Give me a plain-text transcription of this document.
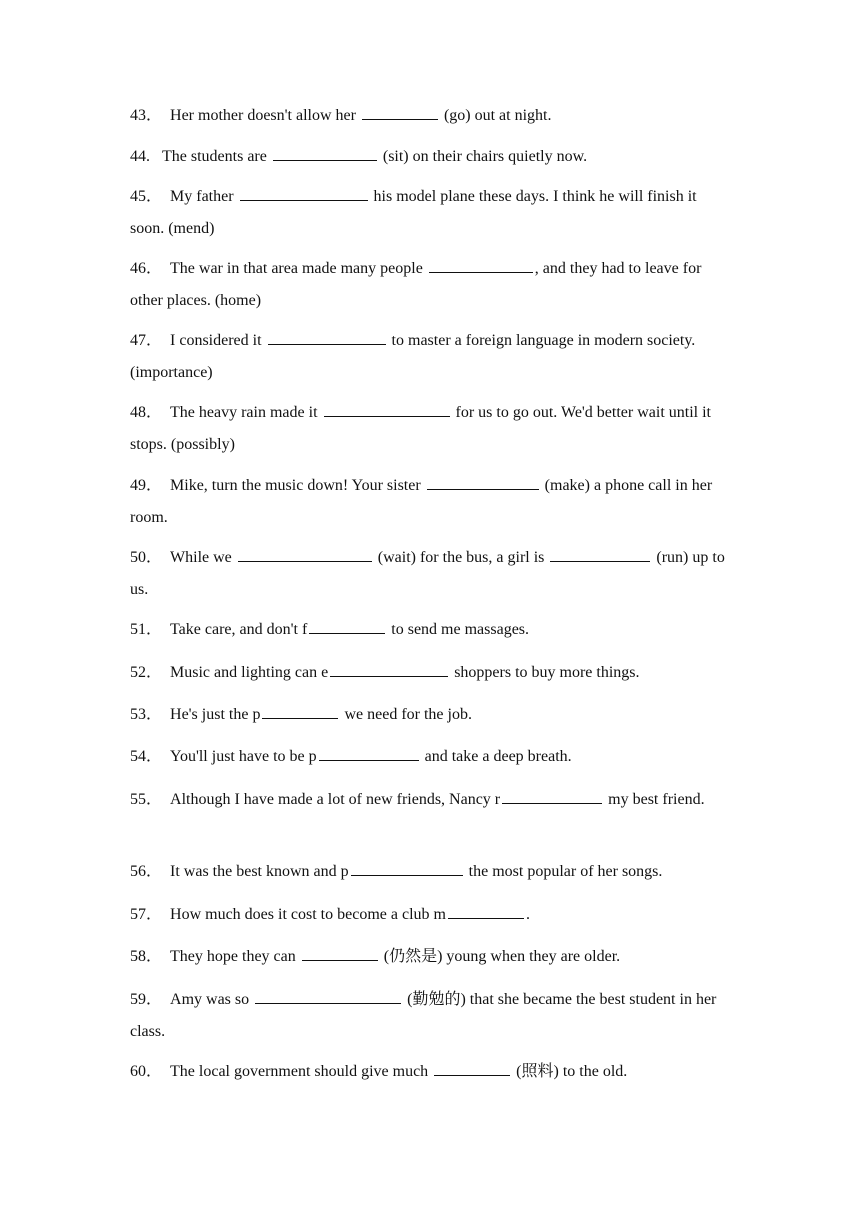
43． Her mother doesn't allow her	(go) out at night.
44. The students are	(sit) on their chairs quietly now.
45． My father	his model plane these days. I think he will finish it soon. (mend)
46． The war in that area made many people	, and they had to leave for other places. (home)
47． I considered it	to master a foreign language in modern society. (importance)
48． The heavy rain made it	for us to go out. We'd better wait until it stops. (possibly)
49． Mike, turn the music down! Your sister	(make) a phone call in her room.
50． While we	(wait) for the bus, a girl is	(run) up to us.
51． Take care, and don't f	to send me massages.
52． Music and lighting can e	shoppers to buy more things.
53． He's just the p	we need for the job.
54． You'll just have to be p	and take a deep breath.
55． Although I have made a lot of new friends, Nancy r	my best friend.
56． It was the best known and p	the most popular of her songs.
57． How much does it cost to become a club m	.
58． They hope they can	(仍然是) young when they are older.
59． Amy was so	(勤勉的) that she became the best student in her class.
60． The local government should give much	(照料) to the old.
